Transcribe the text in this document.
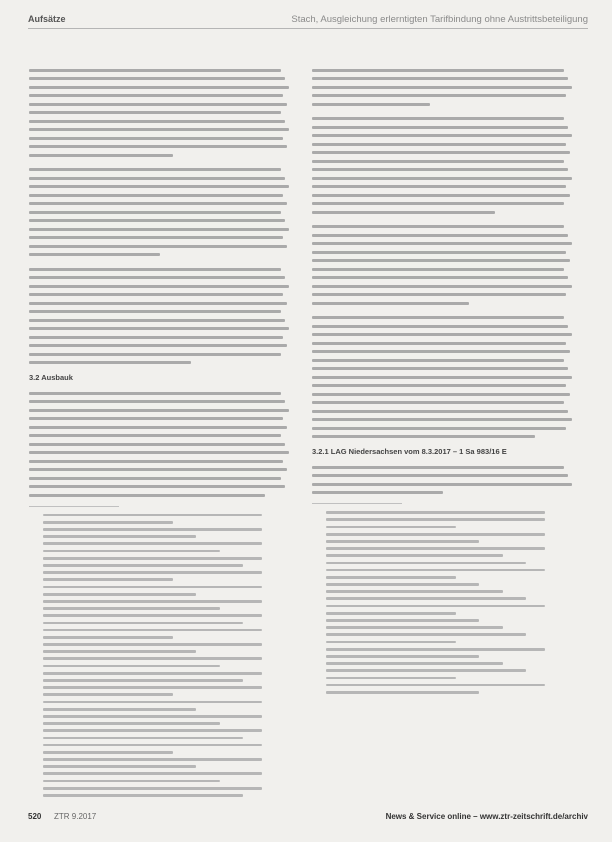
Aufsätze	Stach, Ausgleichung erlerntigten Tarifbindung ohne Austrittsbeteiligung
3.2 Ausbauk
3.2.1 LAG Niedersachsen vom 8.3.2017 – 1 Sa 983/16 E
520 ZTR 9.2017	News & Service online – www.ztr-zeitschrift.de/archiv
